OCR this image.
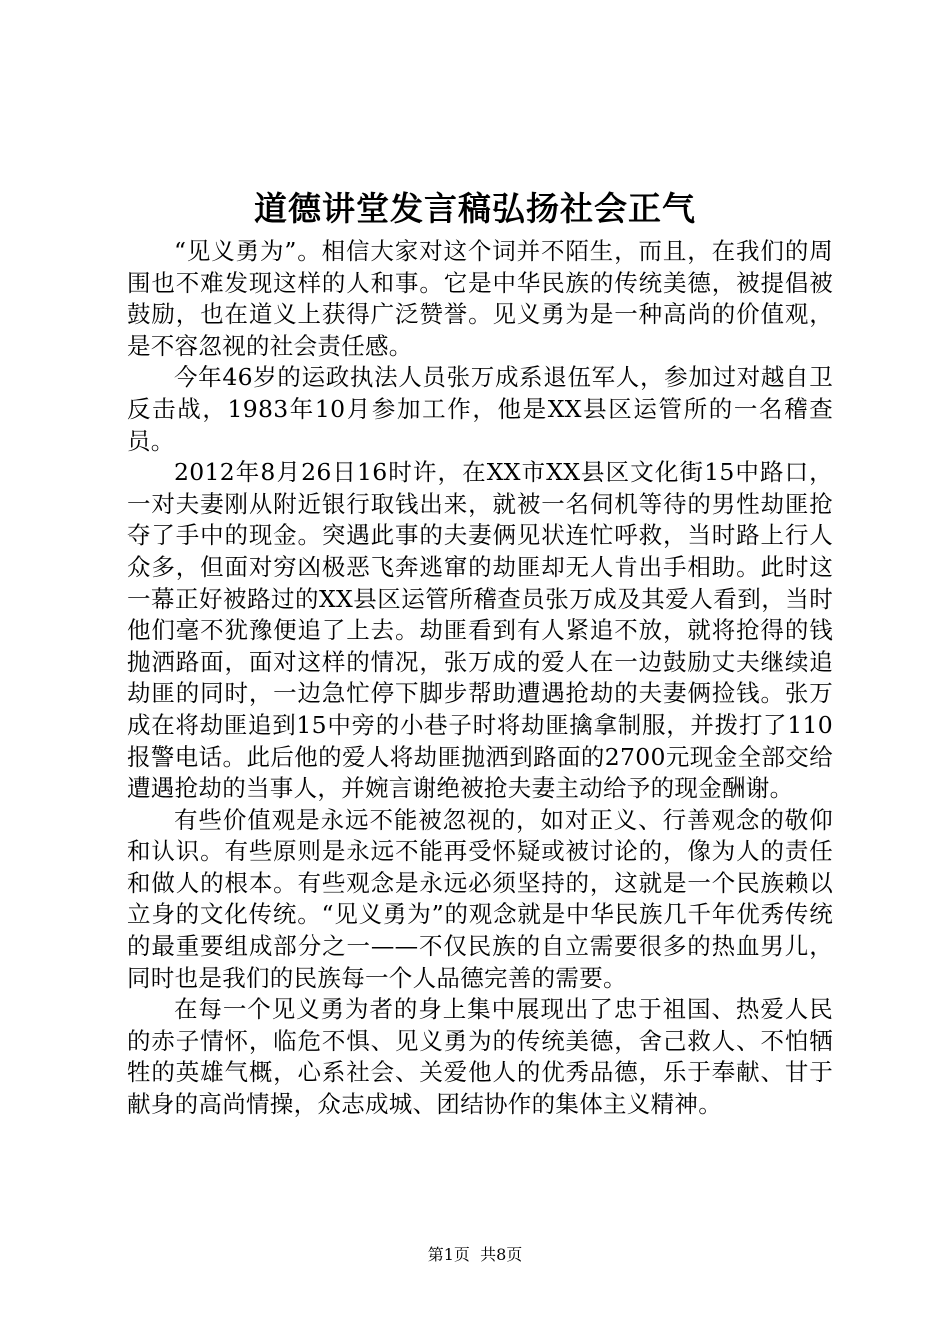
道德讲堂发言稿弘扬社会正气

“见义勇为”。相信大家对这个词并不陌生，而且，在我们的周围也不难发现这样的人和事。它是中华民族的传统美德，被提倡被鼓励，也在道义上获得广泛赞誉。见义勇为是一种高尚的价值观，是不容忽视的社会责任感。

今年46岁的运政执法人员张万成系退伍军人，参加过对越自卫反击战，1983年10月参加工作，他是XX县区运管所的一名稽查员。

2012年8月26日16时许，在XX市XX县区文化街15中路口，一对夫妻刚从附近银行取钱出来，就被一名伺机等待的男性劫匪抢夺了手中的现金。突遇此事的夫妻俩见状连忙呼救，当时路上行人众多，但面对穷凶极恶飞奔逃窜的劫匪却无人肯出手相助。此时这一幕正好被路过的XX县区运管所稽查员张万成及其爱人看到，当时他们毫不犹豫便追了上去。劫匪看到有人紧追不放，就将抢得的钱抛洒路面，面对这样的情况，张万成的爱人在一边鼓励丈夫继续追劫匪的同时，一边急忙停下脚步帮助遭遇抢劫的夫妻俩捡钱。张万成在将劫匪追到15中旁的小巷子时将劫匪擒拿制服，并拨打了110报警电话。此后他的爱人将劫匪抛洒到路面的2700元现金全部交给遭遇抢劫的当事人，并婉言谢绝被抢夫妻主动给予的现金酬谢。

有些价值观是永远不能被忽视的，如对正义、行善观念的敬仰和认识。有些原则是永远不能再受怀疑或被讨论的，像为人的责任和做人的根本。有些观念是永远必须坚持的，这就是一个民族赖以立身的文化传统。“见义勇为”的观念就是中华民族几千年优秀传统的最重要组成部分之一——不仅民族的自立需要很多的热血男儿，同时也是我们的民族每一个人品德完善的需要。

在每一个见义勇为者的身上集中展现出了忠于祖国、热爱人民的赤子情怀，临危不惧、见义勇为的传统美德，舍己救人、不怕牺牲的英雄气概，心系社会、关爱他人的优秀品德，乐于奉献、甘于献身的高尚情操，众志成城、团结协作的集体主义精神。

第1页  共8页
